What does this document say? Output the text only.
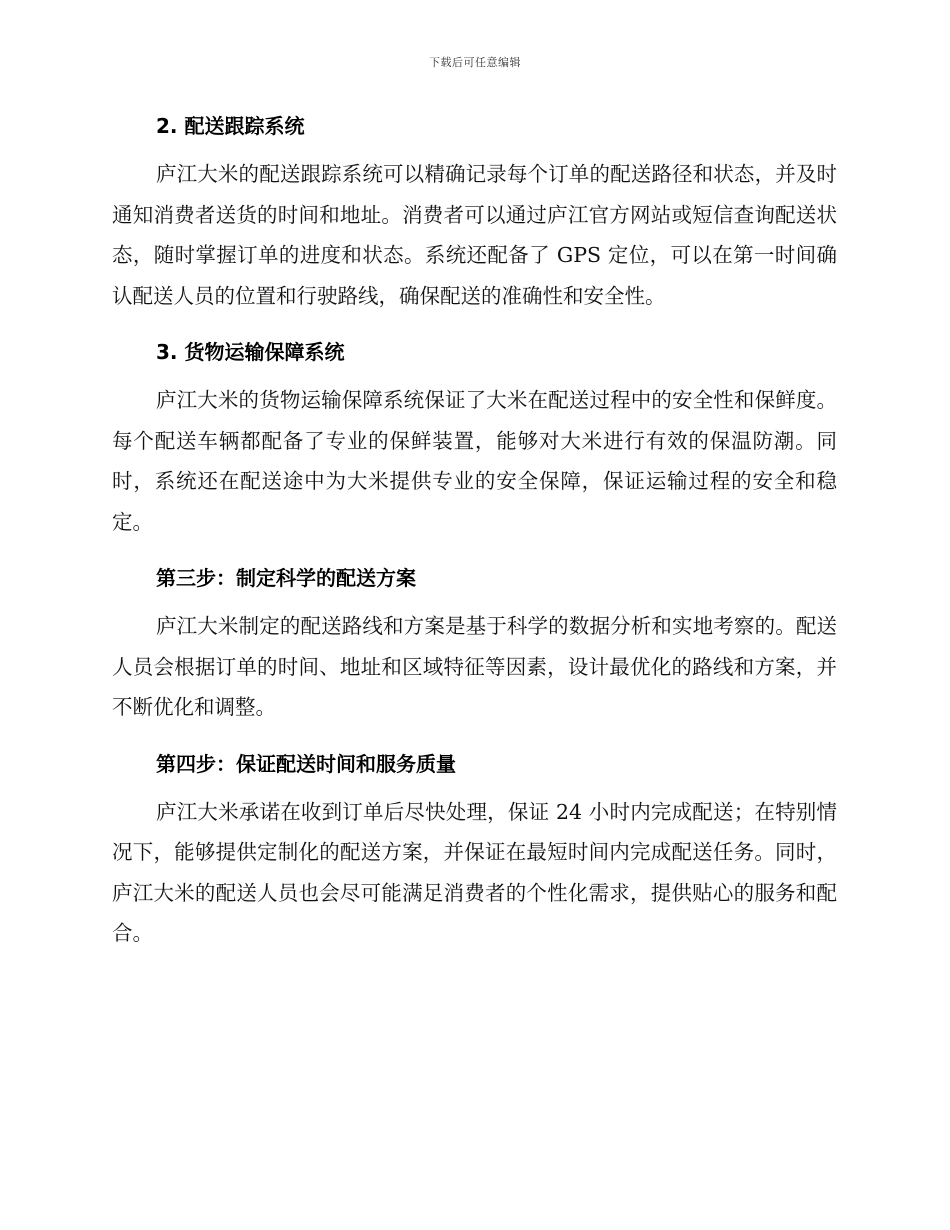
下载后可任意编辑
2. 配送跟踪系统

庐江大米的配送跟踪系统可以精确记录每个订单的配送路径和状态，并及时通知消费者送货的时间和地址。消费者可以通过庐江官方网站或短信查询配送状态，随时掌握订单的进度和状态。系统还配备了 GPS 定位，可以在第一时间确认配送人员的位置和行驶路线，确保配送的准确性和安全性。

3. 货物运输保障系统

庐江大米的货物运输保障系统保证了大米在配送过程中的安全性和保鲜度。每个配送车辆都配备了专业的保鲜装置，能够对大米进行有效的保温防潮。同时，系统还在配送途中为大米提供专业的安全保障，保证运输过程的安全和稳定。

第三步：制定科学的配送方案

庐江大米制定的配送路线和方案是基于科学的数据分析和实地考察的。配送人员会根据订单的时间、地址和区域特征等因素，设计最优化的路线和方案，并不断优化和调整。

第四步：保证配送时间和服务质量

庐江大米承诺在收到订单后尽快处理，保证 24 小时内完成配送；在特别情况下，能够提供定制化的配送方案，并保证在最短时间内完成配送任务。同时，庐江大米的配送人员也会尽可能满足消费者的个性化需求，提供贴心的服务和配合。
